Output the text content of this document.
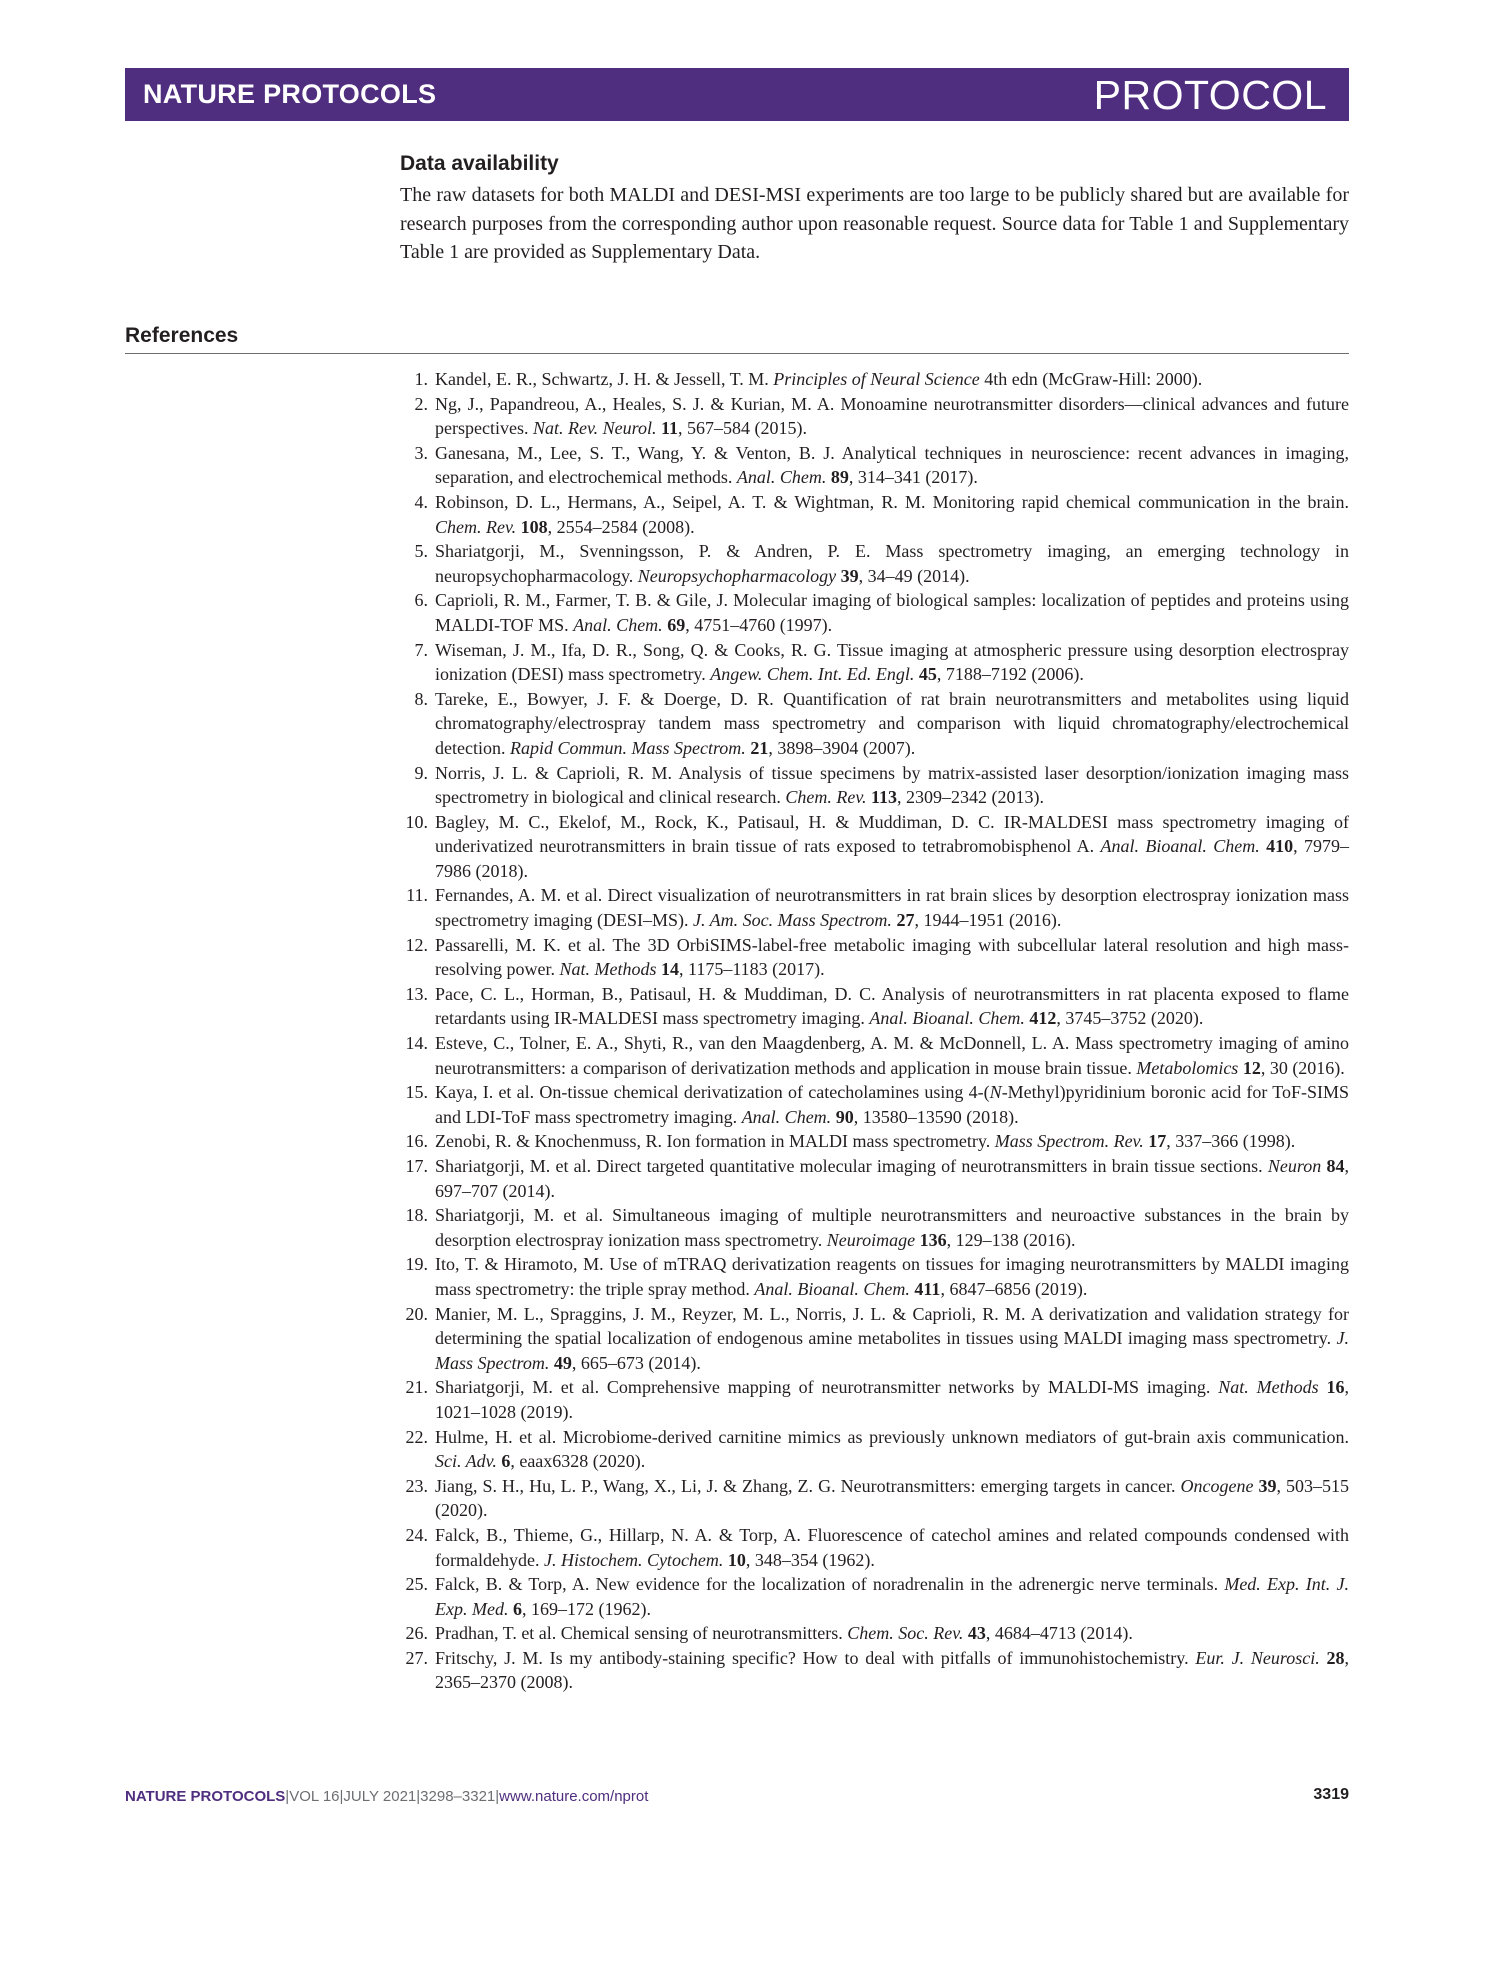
NATURE PROTOCOLS	PROTOCOL
Data availability

The raw datasets for both MALDI and DESI-MSI experiments are too large to be publicly shared but are available for research purposes from the corresponding author upon reasonable request. Source data for Table 1 and Supplementary Table 1 are provided as Supplementary Data.

References
1. Kandel, E. R., Schwartz, J. H. & Jessell, T. M. Principles of Neural Science 4th edn (McGraw-Hill: 2000).
2. Ng, J., Papandreou, A., Heales, S. J. & Kurian, M. A. Monoamine neurotransmitter disorders—clinical advances and future perspectives. Nat. Rev. Neurol. 11, 567–584 (2015).
3. Ganesana, M., Lee, S. T., Wang, Y. & Venton, B. J. Analytical techniques in neuroscience: recent advances in imaging, separation, and electrochemical methods. Anal. Chem. 89, 314–341 (2017).
4. Robinson, D. L., Hermans, A., Seipel, A. T. & Wightman, R. M. Monitoring rapid chemical communication in the brain. Chem. Rev. 108, 2554–2584 (2008).
5. Shariatgorji, M., Svenningsson, P. & Andren, P. E. Mass spectrometry imaging, an emerging technology in neuropsychopharmacology. Neuropsychopharmacology 39, 34–49 (2014).
6. Caprioli, R. M., Farmer, T. B. & Gile, J. Molecular imaging of biological samples: localization of peptides and proteins using MALDI-TOF MS. Anal. Chem. 69, 4751–4760 (1997).
7. Wiseman, J. M., Ifa, D. R., Song, Q. & Cooks, R. G. Tissue imaging at atmospheric pressure using desorption electrospray ionization (DESI) mass spectrometry. Angew. Chem. Int. Ed. Engl. 45, 7188–7192 (2006).
8. Tareke, E., Bowyer, J. F. & Doerge, D. R. Quantification of rat brain neurotransmitters and metabolites using liquid chromatography/electrospray tandem mass spectrometry and comparison with liquid chromatography/electrochemical detection. Rapid Commun. Mass Spectrom. 21, 3898–3904 (2007).
9. Norris, J. L. & Caprioli, R. M. Analysis of tissue specimens by matrix-assisted laser desorption/ionization imaging mass spectrometry in biological and clinical research. Chem. Rev. 113, 2309–2342 (2013).
10. Bagley, M. C., Ekelof, M., Rock, K., Patisaul, H. & Muddiman, D. C. IR-MALDESI mass spectrometry imaging of underivatized neurotransmitters in brain tissue of rats exposed to tetrabromobisphenol A. Anal. Bioanal. Chem. 410, 7979–7986 (2018).
11. Fernandes, A. M. et al. Direct visualization of neurotransmitters in rat brain slices by desorption electrospray ionization mass spectrometry imaging (DESI–MS). J. Am. Soc. Mass Spectrom. 27, 1944–1951 (2016).
12. Passarelli, M. K. et al. The 3D OrbiSIMS-label-free metabolic imaging with subcellular lateral resolution and high mass-resolving power. Nat. Methods 14, 1175–1183 (2017).
13. Pace, C. L., Horman, B., Patisaul, H. & Muddiman, D. C. Analysis of neurotransmitters in rat placenta exposed to flame retardants using IR-MALDESI mass spectrometry imaging. Anal. Bioanal. Chem. 412, 3745–3752 (2020).
14. Esteve, C., Tolner, E. A., Shyti, R., van den Maagdenberg, A. M. & McDonnell, L. A. Mass spectrometry imaging of amino neurotransmitters: a comparison of derivatization methods and application in mouse brain tissue. Metabolomics 12, 30 (2016).
15. Kaya, I. et al. On-tissue chemical derivatization of catecholamines using 4-(N-Methyl)pyridinium boronic acid for ToF-SIMS and LDI-ToF mass spectrometry imaging. Anal. Chem. 90, 13580–13590 (2018).
16. Zenobi, R. & Knochenmuss, R. Ion formation in MALDI mass spectrometry. Mass Spectrom. Rev. 17, 337–366 (1998).
17. Shariatgorji, M. et al. Direct targeted quantitative molecular imaging of neurotransmitters in brain tissue sections. Neuron 84, 697–707 (2014).
18. Shariatgorji, M. et al. Simultaneous imaging of multiple neurotransmitters and neuroactive substances in the brain by desorption electrospray ionization mass spectrometry. Neuroimage 136, 129–138 (2016).
19. Ito, T. & Hiramoto, M. Use of mTRAQ derivatization reagents on tissues for imaging neurotransmitters by MALDI imaging mass spectrometry: the triple spray method. Anal. Bioanal. Chem. 411, 6847–6856 (2019).
20. Manier, M. L., Spraggins, J. M., Reyzer, M. L., Norris, J. L. & Caprioli, R. M. A derivatization and validation strategy for determining the spatial localization of endogenous amine metabolites in tissues using MALDI imaging mass spectrometry. J. Mass Spectrom. 49, 665–673 (2014).
21. Shariatgorji, M. et al. Comprehensive mapping of neurotransmitter networks by MALDI-MS imaging. Nat. Methods 16, 1021–1028 (2019).
22. Hulme, H. et al. Microbiome-derived carnitine mimics as previously unknown mediators of gut-brain axis communication. Sci. Adv. 6, eaax6328 (2020).
23. Jiang, S. H., Hu, L. P., Wang, X., Li, J. & Zhang, Z. G. Neurotransmitters: emerging targets in cancer. Oncogene 39, 503–515 (2020).
24. Falck, B., Thieme, G., Hillarp, N. A. & Torp, A. Fluorescence of catechol amines and related compounds condensed with formaldehyde. J. Histochem. Cytochem. 10, 348–354 (1962).
25. Falck, B. & Torp, A. New evidence for the localization of noradrenalin in the adrenergic nerve terminals. Med. Exp. Int. J. Exp. Med. 6, 169–172 (1962).
26. Pradhan, T. et al. Chemical sensing of neurotransmitters. Chem. Soc. Rev. 43, 4684–4713 (2014).
27. Fritschy, J. M. Is my antibody-staining specific? How to deal with pitfalls of immunohistochemistry. Eur. J. Neurosci. 28, 2365–2370 (2008).
NATURE PROTOCOLS|VOL 16|JULY 2021|3298–3321|www.nature.com/nprot	3319
